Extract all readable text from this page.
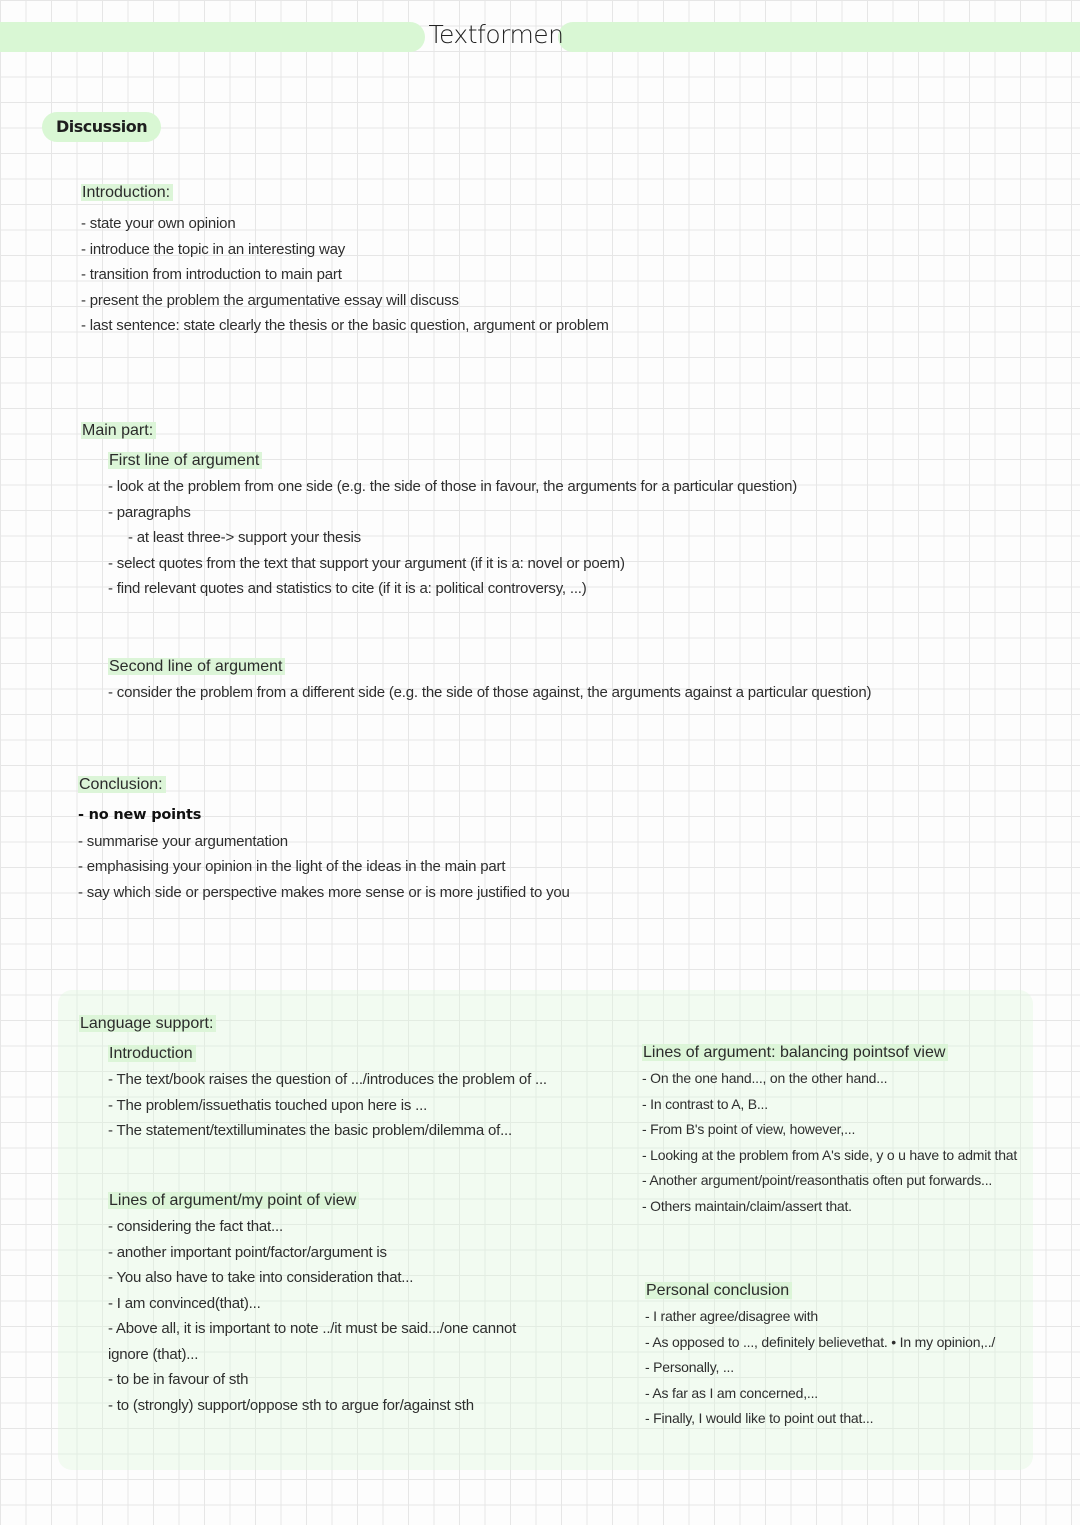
Textformen
Discussion
Introduction:
- state your own opinion
- introduce the topic in an interesting way
- transition from introduction to main part
- present the problem the argumentative essay will discuss
- last sentence: state clearly the thesis or the basic question, argument or problem
Main part:
First line of argument
- look at the problem from one side (e.g. the side of those in favour, the arguments for a particular question)
- paragraphs
- at least three-> support your thesis
- select quotes from the text that support your argument (if it is a: novel or poem)
- find relevant quotes and statistics to cite (if it is a: political controversy, ...)
Second line of argument
- consider the problem from a different side (e.g. the side of those against, the arguments against a particular question)
Conclusion:
- no new points
- summarise your argumentation
- emphasising your opinion in the light of the ideas in the main part
- say which side or perspective makes more sense or is more justified to you
Language support:
Introduction
- The text/book raises the question of .../introduces the problem of ...
- The problem/issuethatis touched upon here is ...
- The statement/textilluminates the basic problem/dilemma of...
Lines of argument/my point of view
- considering the fact that...
- another important point/factor/argument is
- You also have to take into consideration that...
- I am convinced(that)...
- Above all, it is important to note ../it must be said.../one cannot
ignore (that)...
- to be in favour of sth
- to (strongly) support/oppose sth to argue for/against sth
Lines of argument: balancing pointsof view
- On the one hand..., on the other hand...
- In contrast to A, B...
- From B's point of view, however,...
- Looking at the problem from A's side, y o u have to admit that
- Another argument/point/reasonthatis often put forwards...
- Others maintain/claim/assert that.
Personal conclusion
- I rather agree/disagree with
- As opposed to ..., definitely believethat. • In my opinion,../
- Personally, ...
- As far as I am concerned,...
- Finally, I would like to point out that...
